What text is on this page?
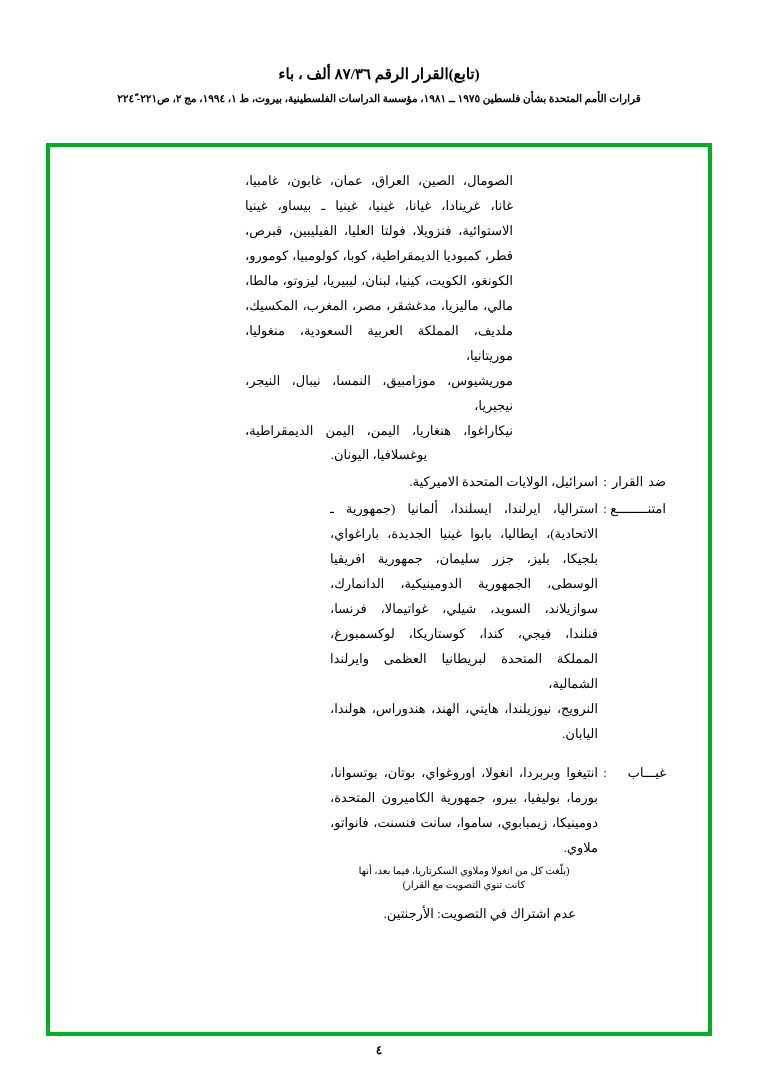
(تابع)القرار الرقم ٨٧/٣٦ ألف ، باء
قرارات الأمم المتحدة بشأن فلسطين ١٩٧٥ ــ ١٩٨١، مؤسسة الدراسات الفلسطينية، بيروت، ط ١، ١٩٩٤، مج ٢، ص٢٢١- ٢٢٤ً
الصومال، الصين، العراق، عمان، غابون، غامبيا،
غانا، غرينادا، غيانا، غينيا، غينيا ـ بيساو، غينيا
الاستوائية، فنزويلا، فولتا العليا، الفيليبين، قبرص،
قطر، كمبوديا الديمقراطية، كوبا، كولومبيا، كومورو،
الكونغو، الكويت، كينيا، لبنان، ليبيريا، ليزوتو، مالطا،
مالي، ماليزيا، مدغشقر، مصر، المغرب، المكسيك،
ملديف، المملكة العربية السعودية، منغوليا، موريتانيا،
موريشيوس، موزامبيق، النمسا، نيبال، النيجر، نيجيريا،
نيكاراغوا، هنغاريا، اليمن، اليمن الديمقراطية،
يوغسلافيا، اليونان.
ضد القرار
:
اسرائيل، الولايات المتحدة الاميركية.
امتنــــــــع
:
استراليا، ايرلندا، ايسلندا، ألمانيا (جمهورية ـ
الاتحادية)، ايطاليا، بابوا غينيا الجديدة، باراغواي،
بلجيكا، بليز، جزر سليمان، جمهورية افريقيا
الوسطى، الجمهورية الدومينيكية، الدانمارك،
سوازيلاند، السويد، شيلي، غواتيمالا، فرنسا،
فنلندا، فيجي، كندا، كوستاريكا، لوكسمبورغ،
المملكة المتحدة لبريطانيا العظمى وايرلندا الشمالية،
النرويج، نيوزيلندا، هايتي، الهند، هندوراس، هولندا،
اليابان.
غيـــاب
:
انتيغوا وبربردا، انغولا، اوروغواي، بوتان، بوتسوانا،
بورما، بوليفيا، بيرو، جمهورية الكاميرون المتحدة،
دومينيكا، زيمبابوي، ساموا، سانت فنسنت، فانواتو،
ملاوي.
(بلّغت كل من انغولا وملاوي السكرتاريا، فيما بعد، أنها
كانت تنوي التصويت مع القرار)
عدم اشتراك في التصويت: الأرجنتين.
٤
